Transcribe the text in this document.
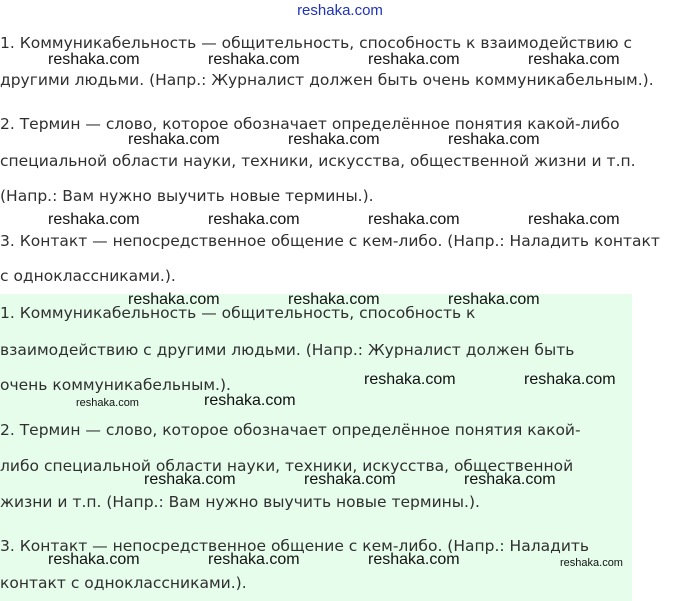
reshaka.com
1. Коммуникабельность — общительность, способность к взаимодействию с
другими людьми. (Напр.: Журналист должен быть очень коммуникабельным.).
2. Термин — слово, которое обозначает определённое понятия какой-либо
специальной области науки, техники, искусства, общественной жизни и т.п.
(Напр.: Вам нужно выучить новые термины.).
3. Контакт — непосредственное общение с кем-либо. (Напр.: Наладить контакт
с одноклассниками.).
1. Коммуникабельность — общительность, способность к
взаимодействию с другими людьми. (Напр.: Журналист должен быть
очень коммуникабельным.).
2. Термин — слово, которое обозначает определённое понятия какой-
либо специальной области науки, техники, искусства, общественной
жизни и т.п. (Напр.: Вам нужно выучить новые термины.).
3. Контакт — непосредственное общение с кем-либо. (Напр.: Наладить
контакт с одноклассниками.).
reshaka.com	reshaka.com	reshaka.com	reshaka.com
reshaka.com	reshaka.com	reshaka.com
reshaka.com	reshaka.com	reshaka.com	reshaka.com
reshaka.com	reshaka.com	reshaka.com
reshaka.com	reshaka.com
reshaka.com	reshaka.com
reshaka.com	reshaka.com	reshaka.com
reshaka.com	reshaka.com	reshaka.com	reshaka.com
